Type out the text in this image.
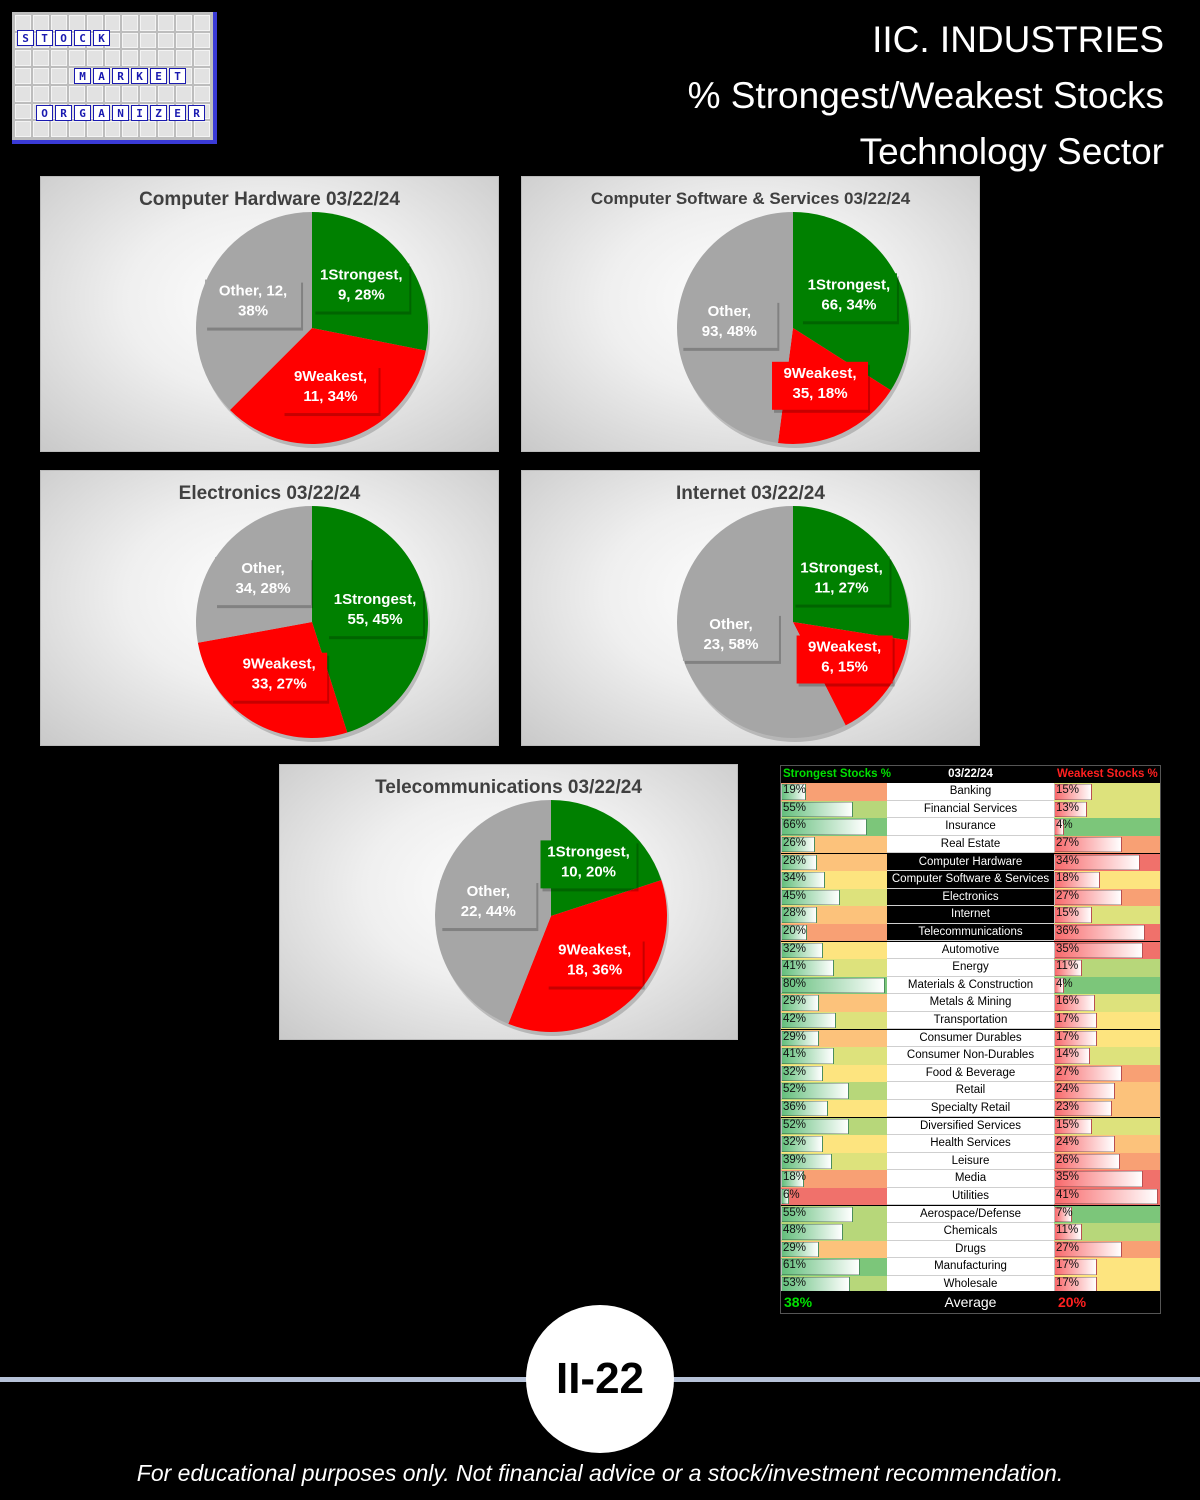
S	T	O	C	K
M	A	R	K	E	T
O	R	G	A	N	I	Z	E	R
IIC. INDUSTRIES
% Strongest/Weakest Stocks
Technology Sector
Computer Hardware 03/22/24
1Strongest,
9, 28%
9Weakest,
11, 34%
Other, 12,
38%
Computer Software & Services 03/22/24
1Strongest,
66, 34%
9Weakest,
35, 18%
Other,
93, 48%
Electronics 03/22/24
1Strongest,
55, 45%
9Weakest,
33, 27%
Other,
34, 28%
Internet 03/22/24
1Strongest,
11, 27%
9Weakest,
6, 15%
Other,
23, 58%
Telecommunications 03/22/24
1Strongest,
10, 20%
9Weakest,
18, 36%
Other,
22, 44%
Strongest Stocks %	03/22/24	Weakest Stocks %
19%	Banking	15%
55%	Financial Services	13%
66%	Insurance	4%
26%	Real Estate	27%
28%	Computer Hardware	34%
34%	Computer Software & Services 18%
45%	Electronics	27%
28%	Internet	15%
20%	Telecommunications	36%
32%	Automotive	35%
41%	Energy	11%
80%	Materials & Construction	4%
29%	Metals & Mining	16%
42%	Transportation	17%
29%	Consumer Durables	17%
41%	Consumer Non-Durables	14%
32%	Food & Beverage	27%
52%	Retail	24%
36%	Specialty Retail	23%
52%	Diversified Services	15%
32%	Health Services	24%
39%	Leisure	26%
18%	Media	35%
6%	Utilities	41%
55%	Aerospace/Defense	7%
48%	Chemicals	11%
29%	Drugs	27%
61%	Manufacturing	17%
53%	Wholesale	17%
38%	Average	20%
II-22
For educational purposes only. Not financial advice or a stock/investment recommendation.
